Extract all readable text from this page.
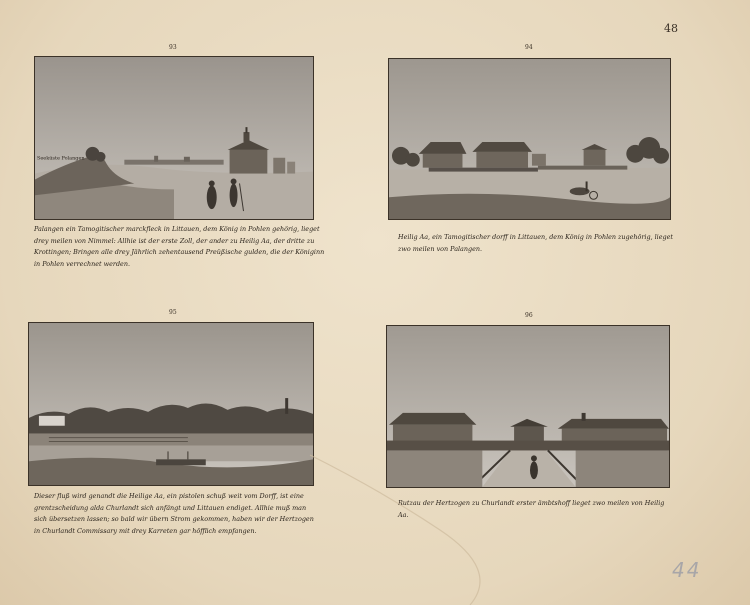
48
93
Seeküste Polangen

Palangen ein Tamogitischer marckfleck in Littauen, dem König in Pohlen gehörig, lieget drey meilen von Nimmel: Allhie ist der erste Zoll, der ander zu Heilig Aa, der dritte zu Krottingen; Bringen alle drey Jährlich zehentausend Preüßische gulden, die der Königinn in Pohlen verrechnet werden.

94

Heilig Aa, ein Tamogitischer dorff in Littauen, dem König in Pohlen zugehörig, lieget zwo meilen von Palangen.

95

Dieser fluß wird genandt die Heilige Aa, ein pistolen schuß weit vom Dorff, ist eine grentzscheidung alda Churlandt sich anfängt und Littauen endiget. Allhie muß man sich übersetzen lassen; so bald wir übern Strom gekommen, haben wir der Hertzogen in Churlandt Commissary mit drey Karreten gar höfflich empfangen.

96

Rutzau der Hertzogen zu Churlandt erster ämbtshoff lieget zwo meilen von Heilig Aa.

44
